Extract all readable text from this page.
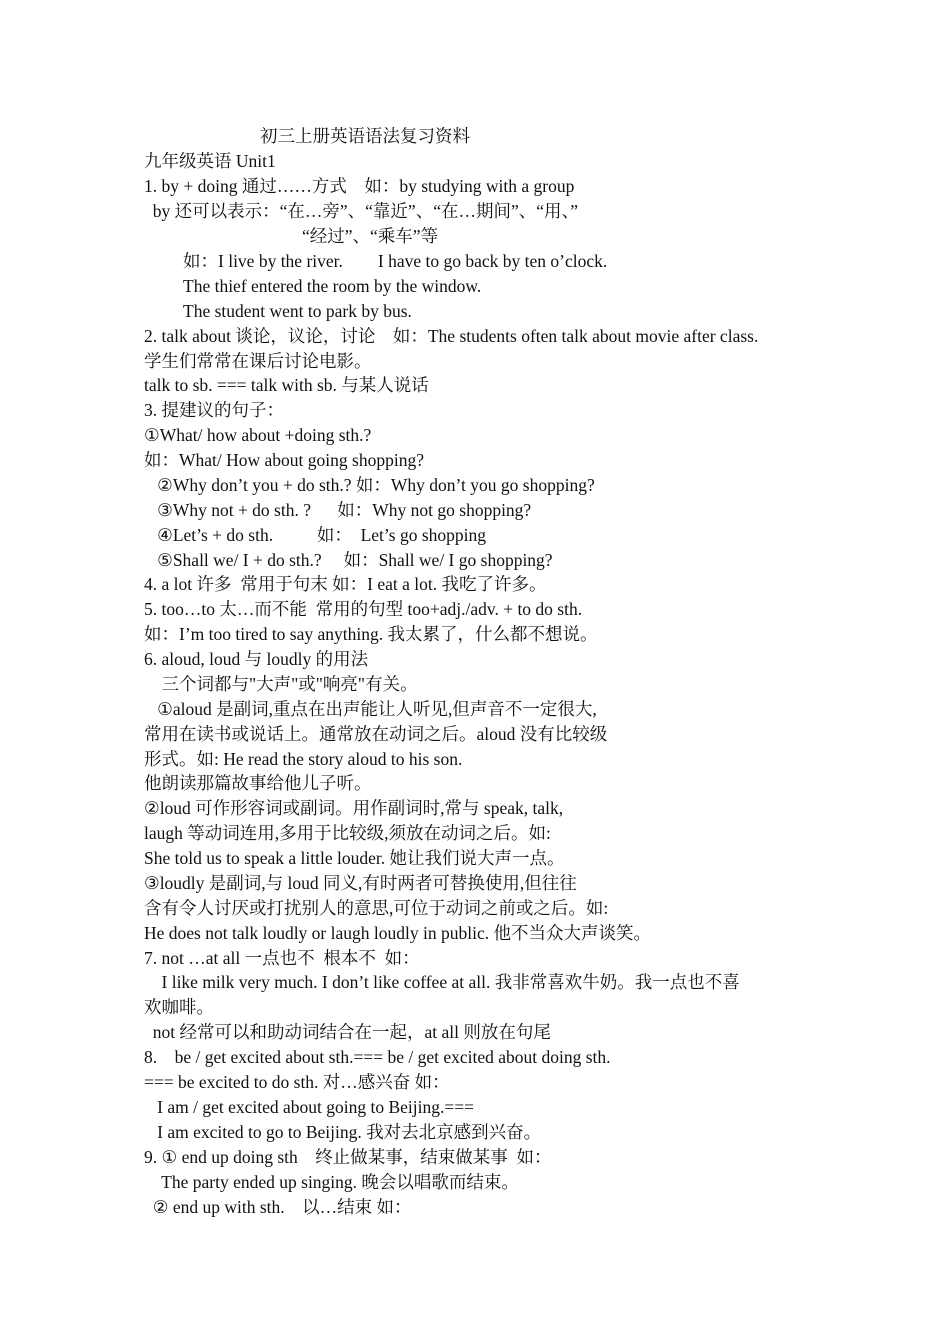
初三上册英语语法复习资料
九年级英语 Unit1
1. by + doing 通过……方式    如：by studying with a group
by 还可以表示：“在…旁”、“靠近”、“在…期间”、“用、”
“经过”、“乘车”等
如：I live by the river.        I have to go back by ten o’clock.
The thief entered the room by the window.
The student went to park by bus.
2. talk about 谈论，议论，讨论    如：The students often talk about movie after class.
学生们常常在课后讨论电影。
talk to sb. === talk with sb. 与某人说话
3. 提建议的句子：
①What/ how about +doing sth.?
如：What/ How about going shopping?
②Why don’t you + do sth.? 如：Why don’t you go shopping?
③Why not + do sth. ?      如：Why not go shopping?
④Let’s + do sth.          如：  Let’s go shopping
⑤Shall we/ I + do sth.?     如：Shall we/ I go shopping?
4. a lot 许多  常用于句末 如：I eat a lot. 我吃了许多。
5. too…to 太…而不能  常用的句型 too+adj./adv. + to do sth.
如：I’m too tired to say anything. 我太累了，什么都不想说。
6. aloud, loud 与 loudly 的用法
三个词都与"大声"或"响亮"有关。
①aloud 是副词,重点在出声能让人听见,但声音不一定很大,
常用在读书或说话上。通常放在动词之后。aloud 没有比较级
形式。如: He read the story aloud to his son.
他朗读那篇故事给他儿子听。
②loud 可作形容词或副词。用作副词时,常与 speak, talk,
laugh 等动词连用,多用于比较级,须放在动词之后。如:
She told us to speak a little louder. 她让我们说大声一点。
③loudly 是副词,与 loud 同义,有时两者可替换使用,但往往
含有令人讨厌或打扰别人的意思,可位于动词之前或之后。如:
He does not talk loudly or laugh loudly in public. 他不当众大声谈笑。
7. not …at all 一点也不  根本不  如：
I like milk very much. I don’t like coffee at all. 我非常喜欢牛奶。我一点也不喜
欢咖啡。
not 经常可以和助动词结合在一起，at all 则放在句尾
8.    be / get excited about sth.=== be / get excited about doing sth.
=== be excited to do sth. 对…感兴奋 如：
I am / get excited about going to Beijing.===
I am excited to go to Beijing. 我对去北京感到兴奋。
9. ① end up doing sth    终止做某事，结束做某事  如：
The party ended up singing. 晚会以唱歌而结束。
② end up with sth.    以…结束 如：
